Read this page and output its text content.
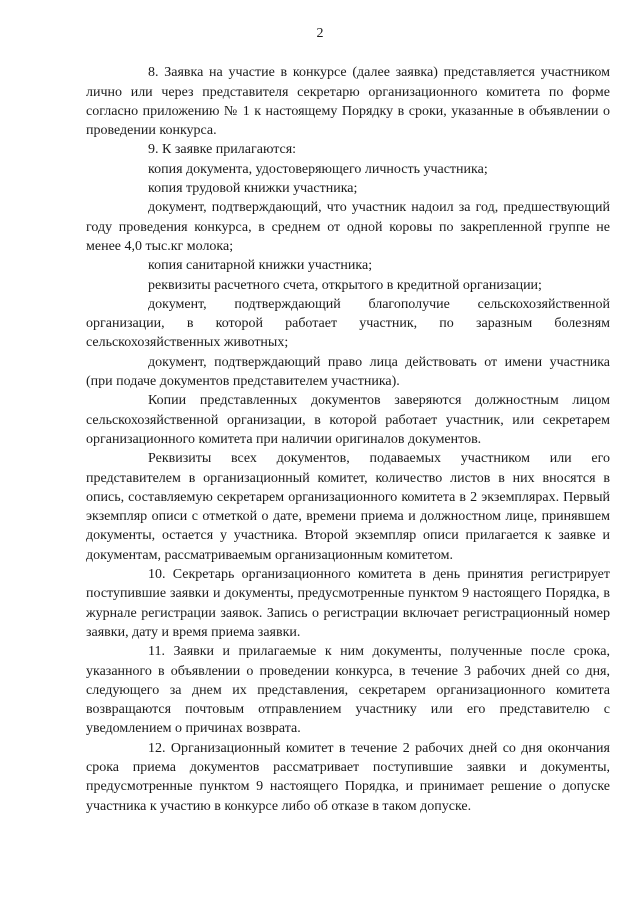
2

8. Заявка на участие в конкурсе (далее заявка) представляется участником лично или через представителя секретарю организационного комитета по форме согласно приложению № 1 к настоящему Порядку в сроки, указанные в объявлении о проведении конкурса.

9. К заявке прилагаются:

копия документа, удостоверяющего личность участника;

копия трудовой книжки участника;

документ, подтверждающий, что участник надоил за год, предшествующий году проведения конкурса, в среднем от одной коровы по закрепленной группе не менее 4,0 тыс.кг молока;

копия санитарной книжки участника;

реквизиты расчетного счета, открытого в кредитной организации;

документ, подтверждающий благополучие сельскохозяйственной организации, в которой работает участник, по заразным болезням сельскохозяйственных животных;

документ, подтверждающий право лица действовать от имени участника (при подаче документов представителем участника).

Копии представленных документов заверяются должностным лицом сельскохозяйственной организации, в которой работает участник, или секретарем организационного комитета при наличии оригиналов документов.

Реквизиты всех документов, подаваемых участником или его представителем в организационный комитет, количество листов в них вносятся в опись, составляемую секретарем организационного комитета в 2 экземплярах. Первый экземпляр описи с отметкой о дате, времени приема и должностном лице, принявшем документы, остается у участника. Второй экземпляр описи прилагается к заявке и документам, рассматриваемым организационным комитетом.

10. Секретарь организационного комитета в день принятия регистрирует поступившие заявки и документы, предусмотренные пунктом 9 настоящего Порядка, в журнале регистрации заявок. Запись о регистрации включает регистрационный номер заявки, дату и время приема заявки.

11. Заявки и прилагаемые к ним документы, полученные после срока, указанного в объявлении о проведении конкурса, в течение 3 рабочих дней со дня, следующего за днем их представления, секретарем организационного комитета возвращаются почтовым отправлением участнику или его представителю с уведомлением о причинах возврата.

12. Организационный комитет в течение 2 рабочих дней со дня окончания срока приема документов рассматривает поступившие заявки и документы, предусмотренные пунктом 9 настоящего Порядка, и принимает решение о допуске участника к участию в конкурсе либо об отказе в таком допуске.
